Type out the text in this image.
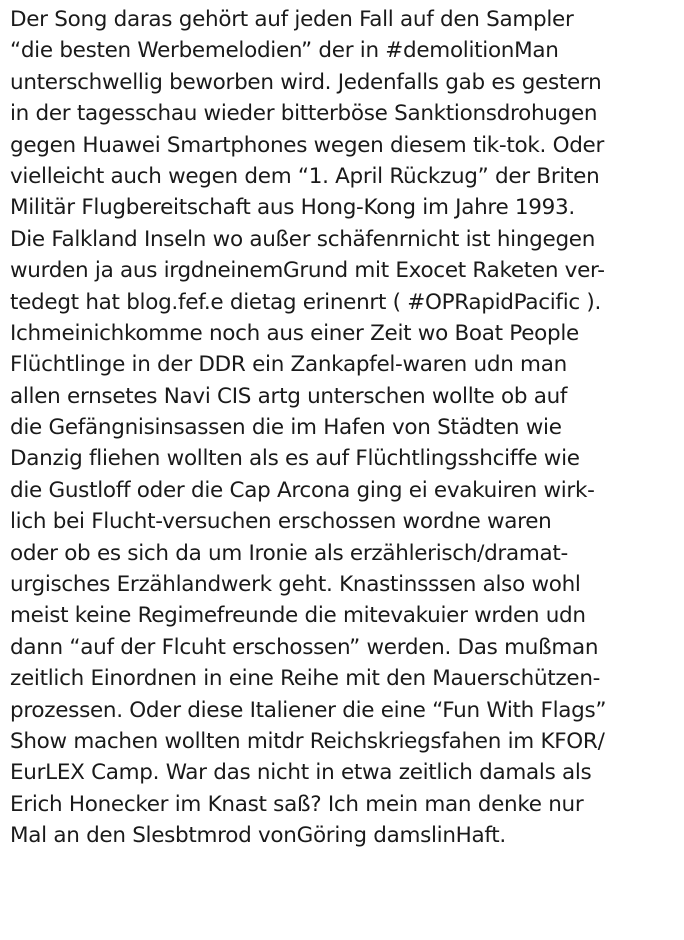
Der Song daras gehört auf jeden Fall auf den Sampler
“die besten Werbemelodien” der in #demolitionMan
unterschwellig beworben wird. Jedenfalls gab es gestern
in der tagesschau wieder bitterböse Sanktionsdrohugen
gegen Huawei Smartphones wegen diesem tik-tok. Oder
vielleicht auch wegen dem “1. April Rückzug” der Briten
Militär Flugbereitschaft aus Hong-Kong im Jahre 1993.
Die Falkland Inseln wo außer schäfenrnicht ist hingegen
wurden ja aus irgdneinemGrund mit Exocet Raketen ver-
tedegt hat blog.fef.e dietag erinenrt ( #OPRapidPacific ).
Ichmeinichkomme noch aus einer Zeit wo Boat People
Flüchtlinge in der DDR ein Zankapfel-waren udn man
allen ernsetes Navi CIS artg unterschen wollte ob auf
die Gefängnisinsassen die im Hafen von Städten wie
Danzig fliehen wollten als es auf Flüchtlingsshciffe wie
die Gustloff oder die Cap Arcona ging ei evakuiren wirk-
lich bei Flucht-versuchen erschossen wordne waren
oder ob es sich da um Ironie als erzählerisch/dramat-
urgisches Erzählandwerk geht. Knastinsssen also wohl
meist keine Regimefreunde die mitevakuier wrden udn
dann “auf der Flcuht erschossen” werden. Das mußman
zeitlich Einordnen in eine Reihe mit den Mauerschützen-
prozessen. Oder diese Italiener die eine “Fun With Flags”
Show machen wollten mitdr Reichskriegsfahen im KFOR/
EurLEX Camp. War das nicht in etwa zeitlich damals als
Erich Honecker im Knast saß? Ich mein man denke nur
Mal an den Slesbtmrod vonGöring damslinHaft.
